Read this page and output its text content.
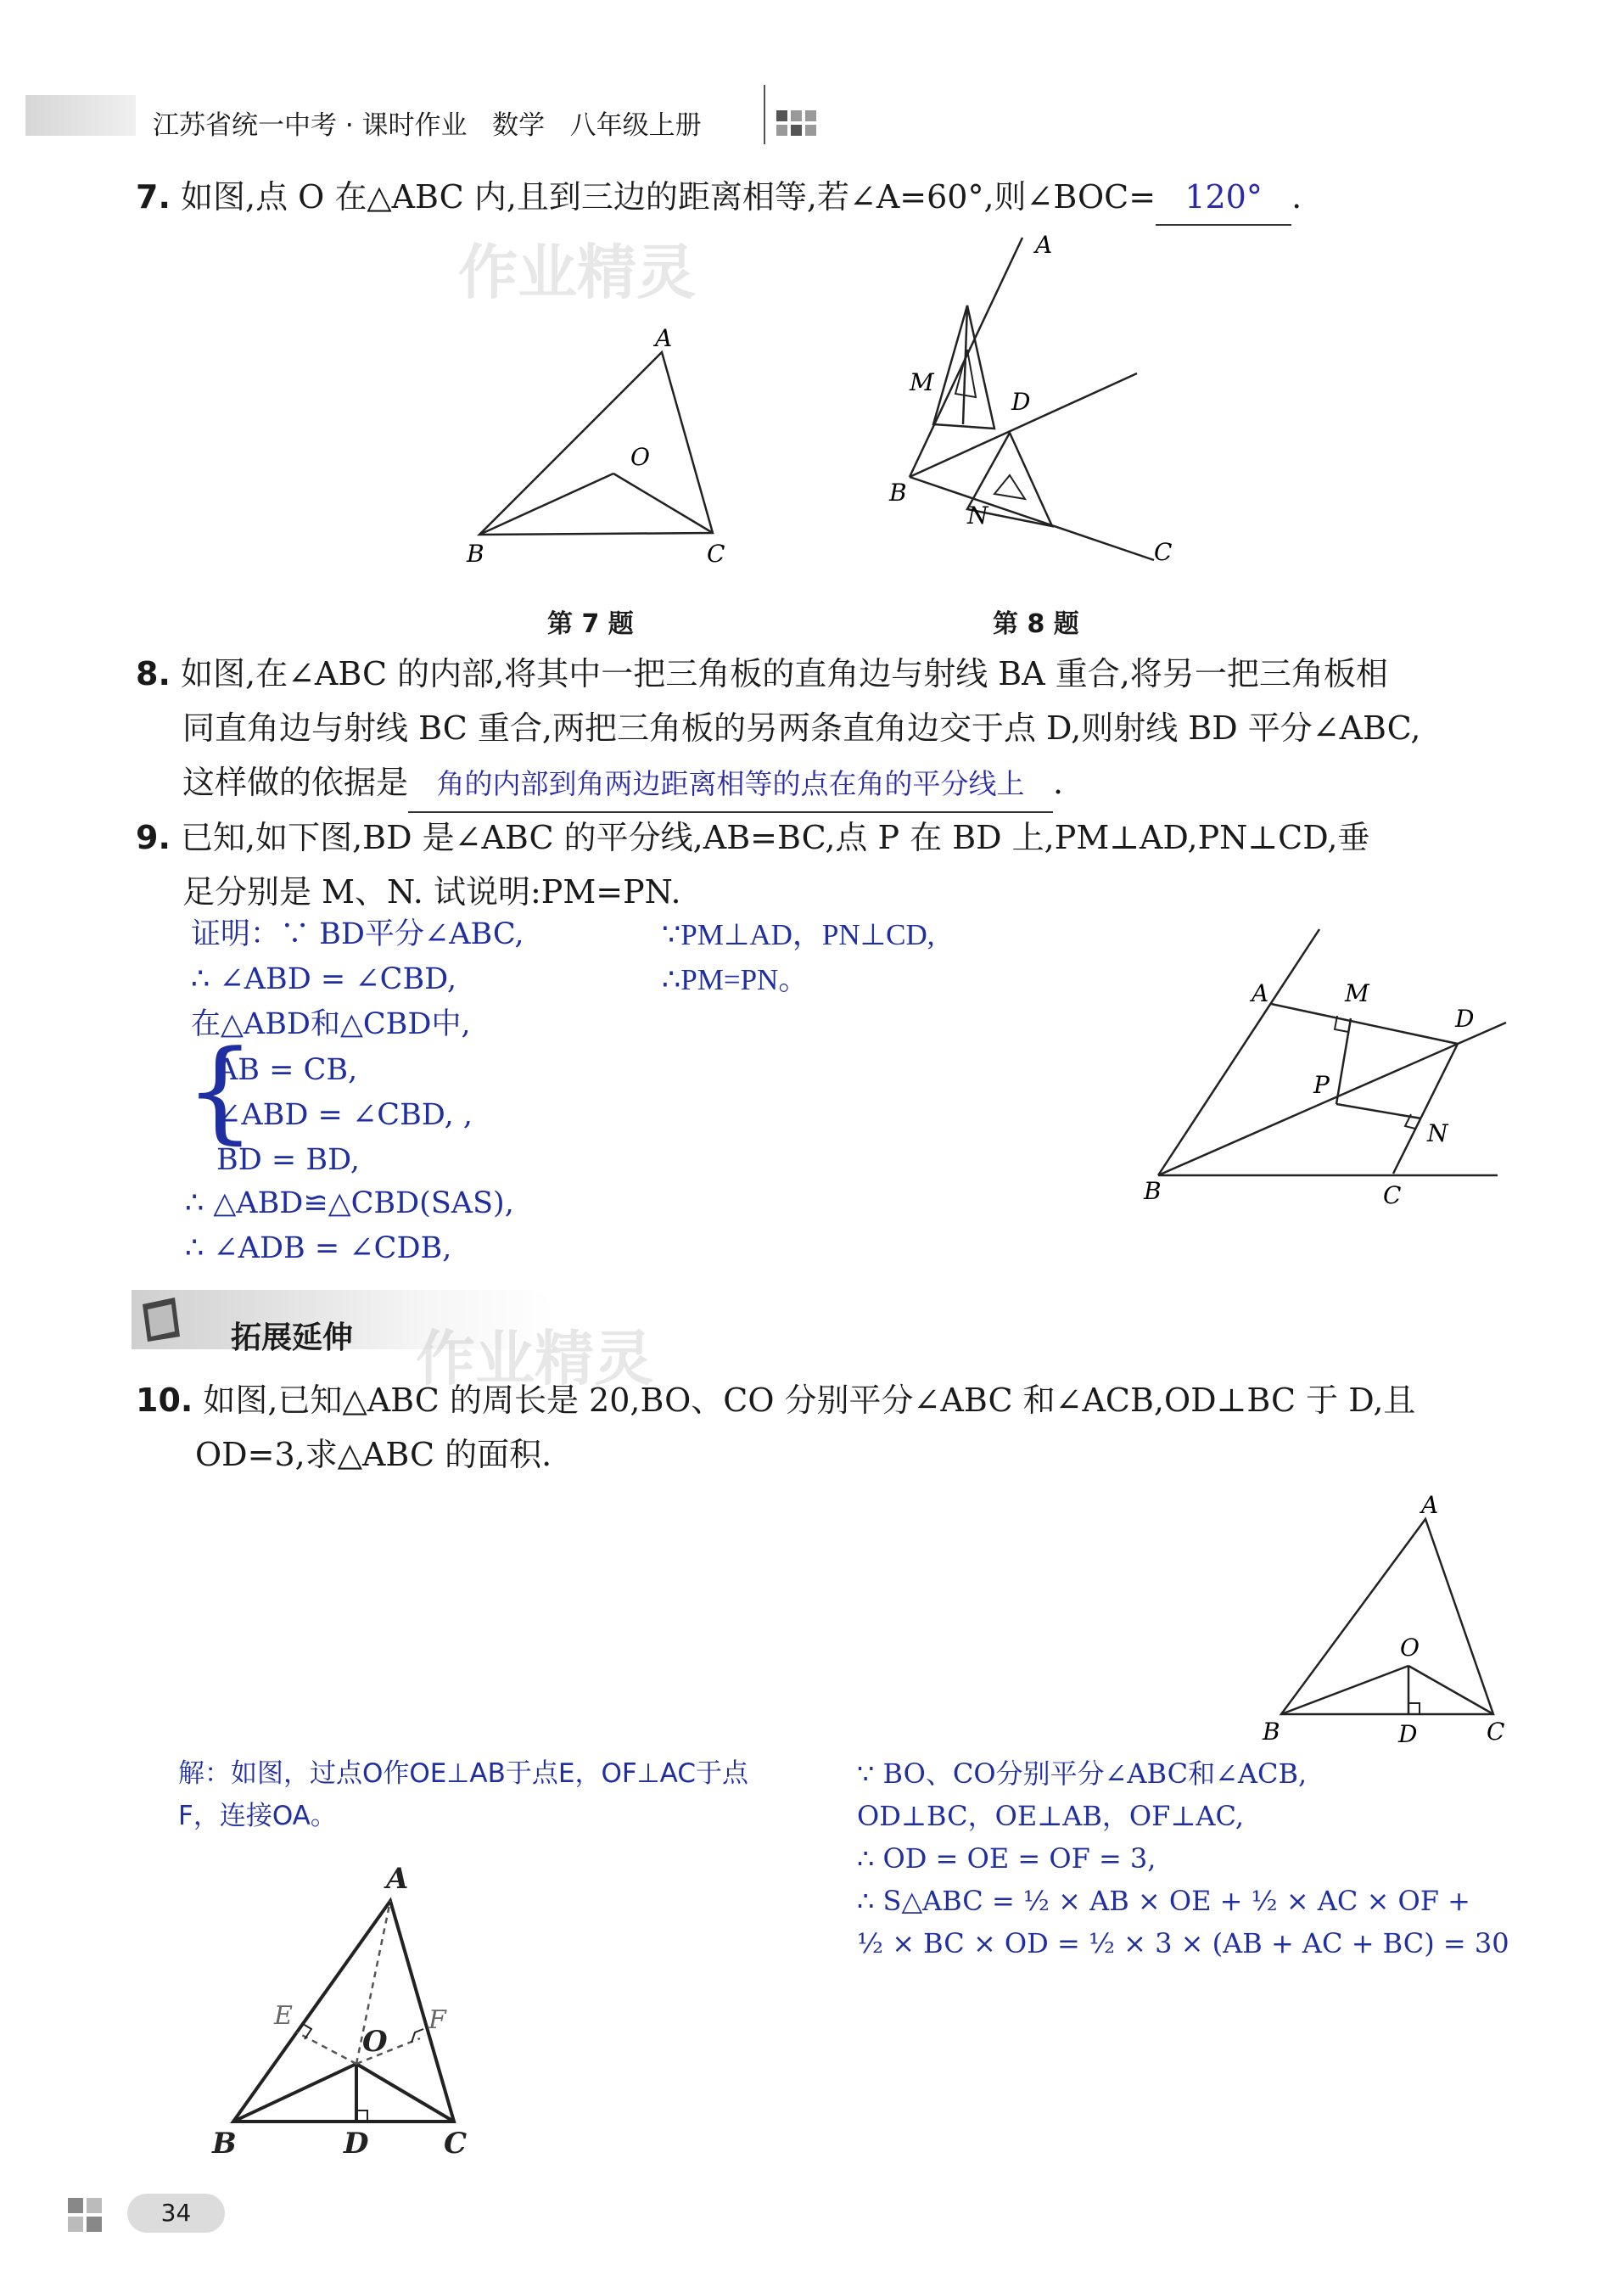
江苏省统一中考 · 课时作业   数学   八年级上册
作业精灵
7. 如图,点 O 在△ABC 内,且到三边的距离相等,若∠A=60°,则∠BOC= 120° .
A
B	C
O
A
B
C
D
M
N
第 7 题	第 8 题
8. 如图,在∠ABC 的内部,将其中一把三角板的直角边与射线 BA 重合,将另一把三角板相
同直角边与射线 BC 重合,两把三角板的另两条直角边交于点 D,则射线 BD 平分∠ABC,
这样做的依据是 角的内部到角两边距离相等的点在角的平分线上 .
9. 已知,如下图,BD 是∠ABC 的平分线,AB=BC,点 P 在 BD 上,PM⊥AD,PN⊥CD,垂
足分别是 M、N. 试说明:PM=PN.
证明：∵ BD平分∠ABC,
∴ ∠ABD = ∠CBD,
在△ABD和△CBD中,
{
AB = CB,
∠ABD = ∠CBD, ,
BD = BD,
∴ △ABD≌△CBD(SAS),
∴ ∠ADB = ∠CDB,
∵PM⊥AD，PN⊥CD,
∴PM=PN。	A
B	C
D
M
N
P
拓展延伸 作业精灵
10. 如图,已知△ABC 的周长是 20,BO、CO 分别平分∠ABC 和∠ACB,OD⊥BC 于 D,且
OD=3,求△ABC 的面积.
A
B	C
D
O
解：如图，过点O作OE⊥AB于点E，OF⊥AC于点
F，连接OA。
∵ BO、CO分别平分∠ABC和∠ACB,
OD⊥BC，OE⊥AB，OF⊥AC,
∴ OD = OE = OF = 3,
∴ S△ABC = ½ × AB × OE + ½ × AC × OF +
½ × BC × OD = ½ × 3 × (AB + AC + BC) = 30
A
B	C
D
O
E	F
34
